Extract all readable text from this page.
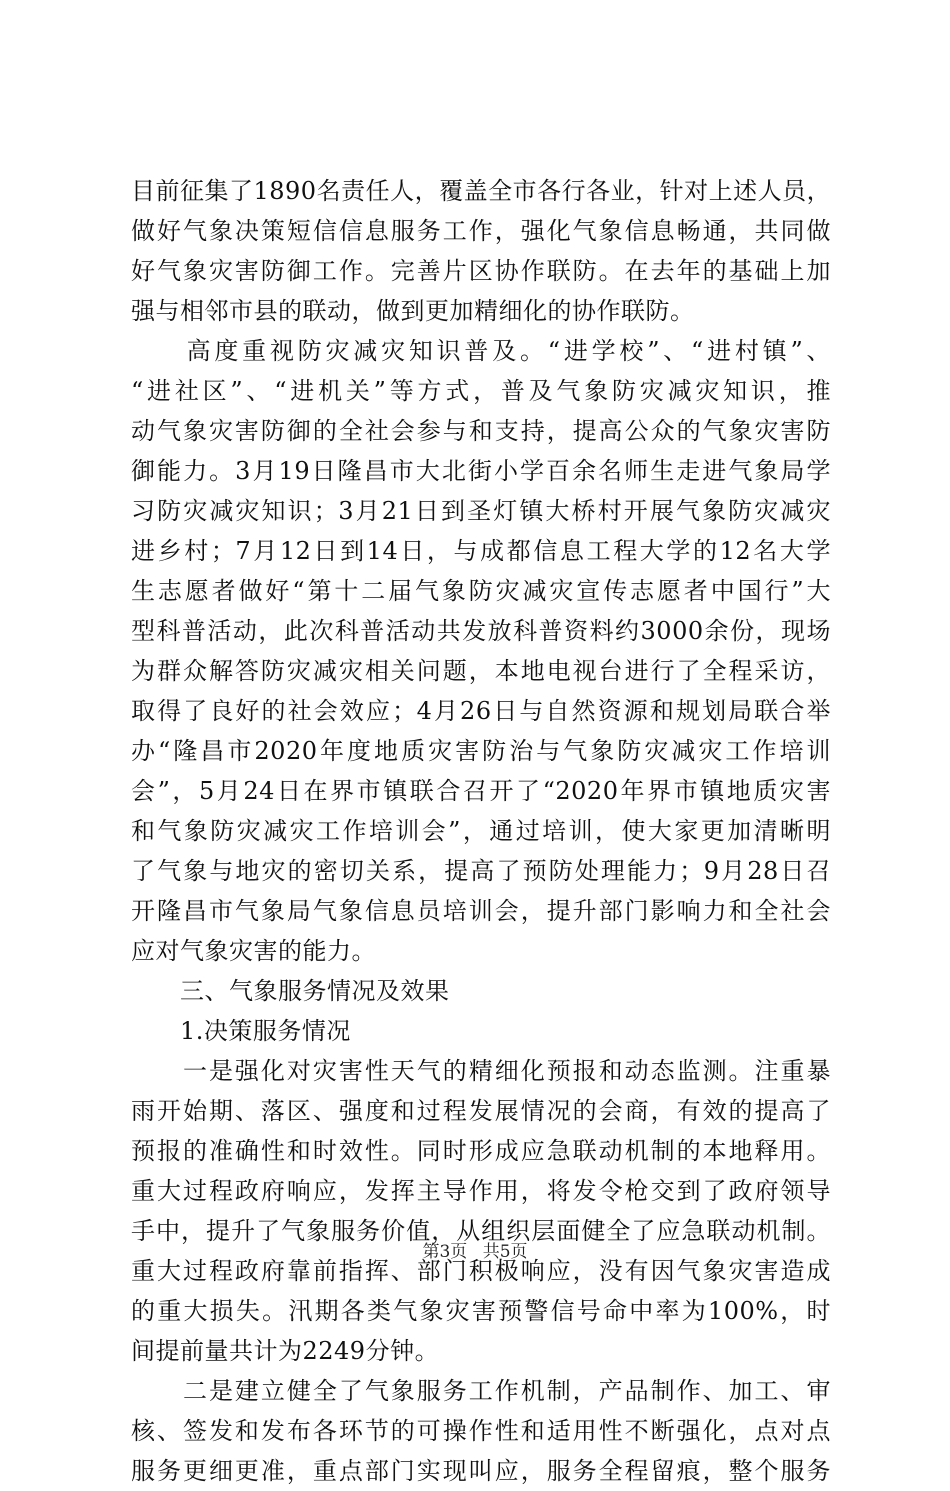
目前征集了1890名责任人，覆盖全市各行各业，针对上述人员，
做好气象决策短信信息服务工作，强化气象信息畅通，共同做
好气象灾害防御工作。完善片区协作联防。在去年的基础上加
强与相邻市县的联动，做到更加精细化的协作联防。
　　高度重视防灾减灾知识普及。“进学校”、“进村镇”、
“进社区”、“进机关”等方式，普及气象防灾减灾知识，推
动气象灾害防御的全社会参与和支持，提高公众的气象灾害防
御能力。3月19日隆昌市大北街小学百余名师生走进气象局学
习防灾减灾知识；3月21日到圣灯镇大桥村开展气象防灾减灾
进乡村；7月12日到14日，与成都信息工程大学的12名大学
生志愿者做好“第十二届气象防灾减灾宣传志愿者中国行”大
型科普活动，此次科普活动共发放科普资料约3000余份，现场
为群众解答防灾减灾相关问题，本地电视台进行了全程采访，
取得了良好的社会效应；4月26日与自然资源和规划局联合举
办“隆昌市2020年度地质灾害防治与气象防灾减灾工作培训
会”，5月24日在界市镇联合召开了“2020年界市镇地质灾害
和气象防灾减灾工作培训会”，通过培训，使大家更加清晰明
了气象与地灾的密切关系，提高了预防处理能力；9月28日召
开隆昌市气象局气象信息员培训会，提升部门影响力和全社会
应对气象灾害的能力。
　　三、气象服务情况及效果
　　1.决策服务情况
　　一是强化对灾害性天气的精细化预报和动态监测。注重暴
雨开始期、落区、强度和过程发展情况的会商，有效的提高了
预报的准确性和时效性。同时形成应急联动机制的本地释用。
重大过程政府响应，发挥主导作用，将发令枪交到了政府领导
手中，提升了气象服务价值，从组织层面健全了应急联动机制。
重大过程政府靠前指挥、部门积极响应，没有因气象灾害造成
的重大损失。汛期各类气象灾害预警信号命中率为100%，时
间提前量共计为2249分钟。
　　二是建立健全了气象服务工作机制，产品制作、加工、审
核、签发和发布各环节的可操作性和适用性不断强化，点对点
服务更细更准，重点部门实现叫应，服务全程留痕，整个服务
第3页 共5页
